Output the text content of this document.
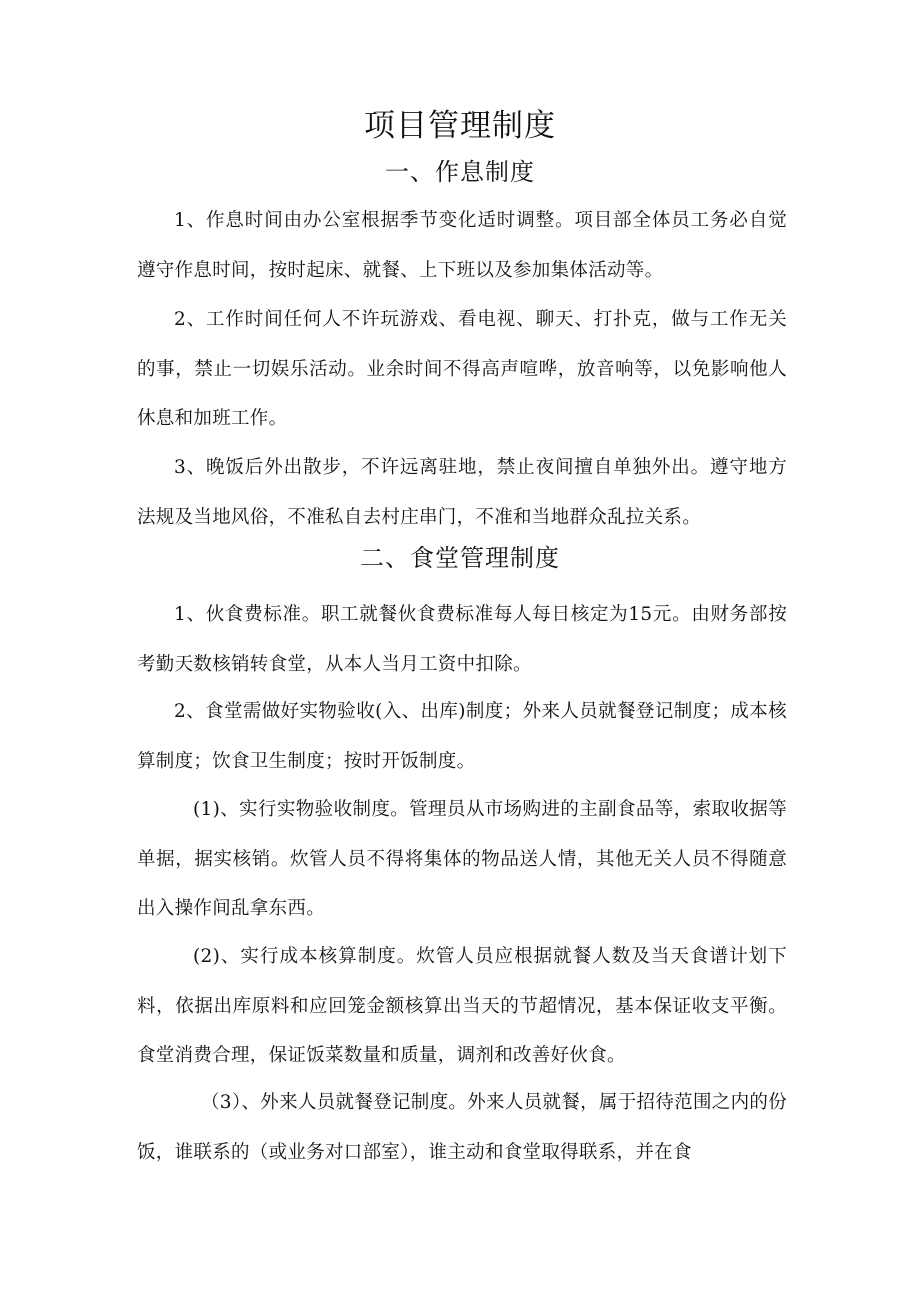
项目管理制度
一、作息制度

1、作息时间由办公室根据季节变化适时调整。项目部全体员工务必自觉遵守作息时间，按时起床、就餐、上下班以及参加集体活动等。

2、工作时间任何人不许玩游戏、看电视、聊天、打扑克，做与工作无关的事，禁止一切娱乐活动。业余时间不得高声喧哗，放音响等，以免影响他人休息和加班工作。

3、晚饭后外出散步，不许远离驻地，禁止夜间擅自单独外出。遵守地方法规及当地风俗，不准私自去村庄串门，不准和当地群众乱拉关系。

二、食堂管理制度

1、伙食费标准。职工就餐伙食费标准每人每日核定为15元。由财务部按考勤天数核销转食堂，从本人当月工资中扣除。

2、食堂需做好实物验收(入、出库)制度；外来人员就餐登记制度；成本核算制度；饮食卫生制度；按时开饭制度。

(1)、实行实物验收制度。管理员从市场购进的主副食品等，索取收据等单据，据实核销。炊管人员不得将集体的物品送人情，其他无关人员不得随意出入操作间乱拿东西。

(2)、实行成本核算制度。炊管人员应根据就餐人数及当天食谱计划下料，依据出库原料和应回笼金额核算出当天的节超情况，基本保证收支平衡。食堂消费合理，保证饭菜数量和质量，调剂和改善好伙食。

（3）、外来人员就餐登记制度。外来人员就餐，属于招待范围之内的份饭，谁联系的（或业务对口部室），谁主动和食堂取得联系，并在食
